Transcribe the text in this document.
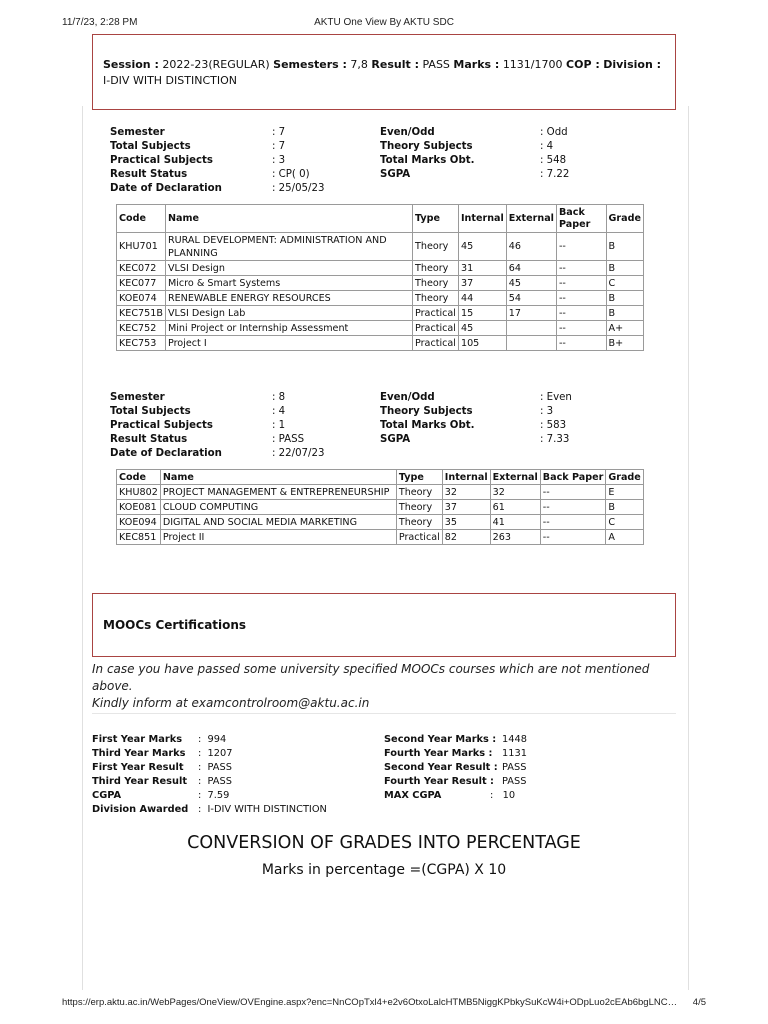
11/7/23, 2:28 PM	AKTU One View By AKTU SDC
https://erp.aktu.ac.in/WebPages/OneView/OVEngine.aspx?enc=NnCOpTxl4+e2v6OtxoLalcHTMB5NiggKPbkySuKcW4i+ODpLuo2cEAb6bgLNC… 4/5
Session : 2022-23(REGULAR) Semesters : 7,8 Result : PASS Marks : 1131/1700 COP : Division : I-DIV WITH DISTINCTION
Semester	: 7
Total Subjects	: 7
Practical Subjects	: 3
Result Status	: CP( 0)
Date of Declaration	: 25/05/23
Even/Odd	: Odd
Theory Subjects	: 4
Total Marks Obt.	: 548
SGPA	: 7.22
Code	Name	Type	Internal	External	Back Paper	Grade
KHU701	RURAL DEVELOPMENT: ADMINISTRATION AND
PLANNING	Theory	45	46	--	B
KEC072	VLSI Design	Theory	31	64	--	B
KEC077	Micro & Smart Systems	Theory	37	45	--	C
KOE074	RENEWABLE ENERGY RESOURCES	Theory	44	54	--	B
KEC751B	VLSI Design Lab	Practical	15	17	--	B
KEC752	Mini Project or Internship Assessment	Practical	45		--	A+
KEC753	Project I	Practical	105		--	B+
Semester	: 8
Total Subjects	: 4
Practical Subjects	: 1
Result Status	: PASS
Date of Declaration	: 22/07/23
Even/Odd	: Even
Theory Subjects	: 3
Total Marks Obt.	: 583
SGPA	: 7.33
Code	Name	Type	Internal	External	Back Paper	Grade
KHU802	PROJECT MANAGEMENT & ENTREPRENEURSHIP	Theory	32	32	--	E
KOE081	CLOUD COMPUTING	Theory	37	61	--	B
KOE094	DIGITAL AND SOCIAL MEDIA MARKETING	Theory	35	41	--	C
KEC851	Project II	Practical	82	263	--	A
MOOCs Certifications
In case you have passed some university specified MOOCs courses which are not mentioned above.
Kindly inform at examcontrolroom@aktu.ac.in
First Year Marks :  994
Third Year Marks :  1207
First Year Result :  PASS
Third Year Result :  PASS
CGPA	:  7.59
Division Awarded :  I-DIV WITH DISTINCTION
Second Year Marks : 1448
Fourth Year Marks : 1131
Second Year Result : PASS
Fourth Year Result : PASS
MAX CGPA	:   10
CONVERSION OF GRADES INTO PERCENTAGE
Marks in percentage =(CGPA) X 10
